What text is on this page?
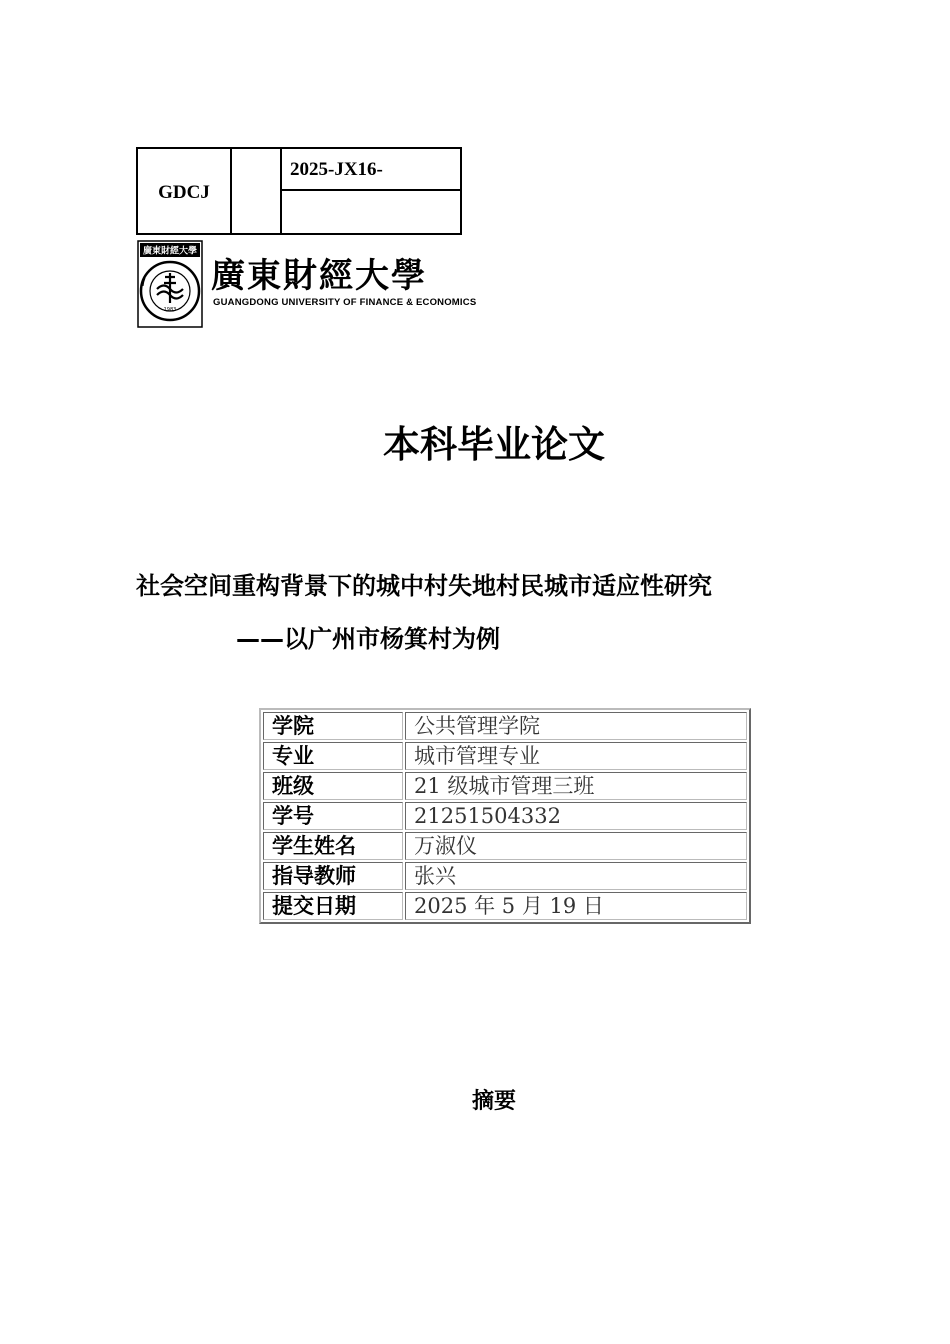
GDCJ
2025-JX16-
廣東財經大學
1983
廣東財經大學
GUANGDONG UNIVERSITY OF FINANCE & ECONOMICS
本科毕业论文
社会空间重构背景下的城中村失地村民城市适应性研究
——以广州市杨箕村为例
学院	公共管理学院
专业	城市管理专业
班级	21 级城市管理三班
学号	21251504332
学生姓名	万淑仪
指导教师	张兴
提交日期	2025 年 5 月 19 日
摘要
